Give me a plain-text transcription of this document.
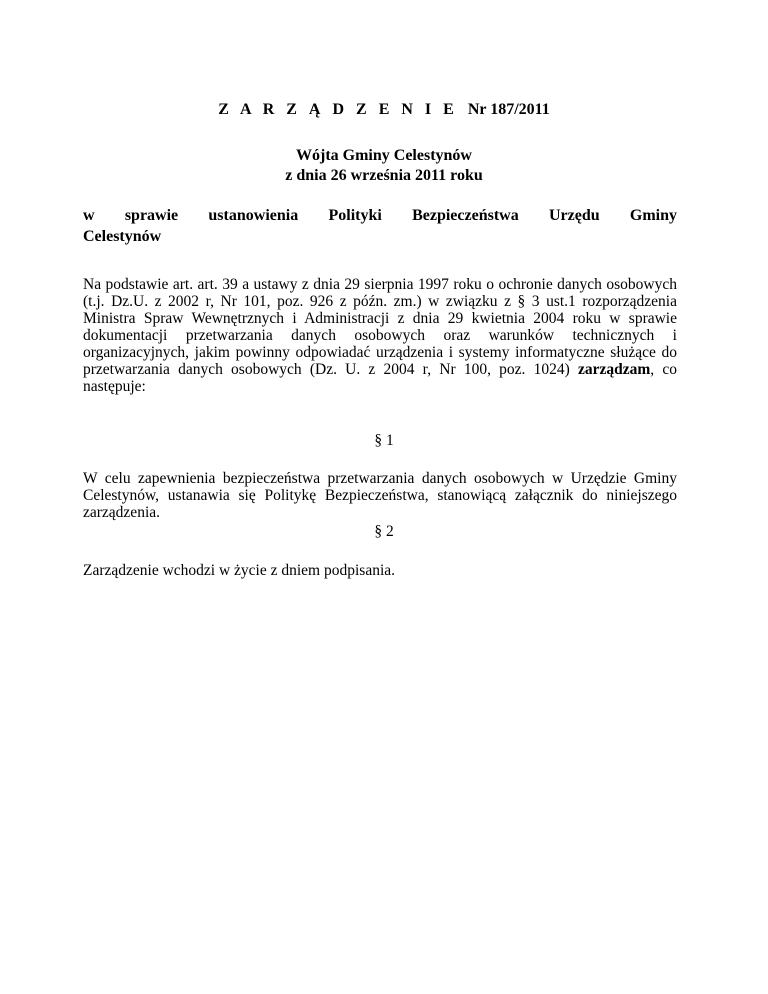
Z A R Z Ą D Z E N I E Nr 187/2011
Wójta Gminy Celestynów
z dnia 26 września 2011 roku
w sprawie ustanowienia Polityki Bezpieczeństwa Urzędu Gminy
Celestynów

Na podstawie art. art. 39 a ustawy z dnia 29 sierpnia 1997 roku o ochronie danych osobowych (t.j. Dz.U. z 2002 r, Nr 101, poz. 926 z późn. zm.) w związku z § 3 ust.1 rozporządzenia Ministra Spraw Wewnętrznych i Administracji z dnia 29 kwietnia 2004 roku w sprawie dokumentacji przetwarzania danych osobowych oraz warunków technicznych i organizacyjnych, jakim powinny odpowiadać urządzenia i systemy informatyczne służące do przetwarzania danych osobowych (Dz. U. z 2004 r, Nr 100, poz. 1024) zarządzam, co następuje:

§ 1

W celu zapewnienia bezpieczeństwa przetwarzania danych osobowych w Urzędzie Gminy Celestynów, ustanawia się Politykę Bezpieczeństwa, stanowiącą załącznik do niniejszego zarządzenia.

§ 2

Zarządzenie wchodzi w życie z dniem podpisania.
